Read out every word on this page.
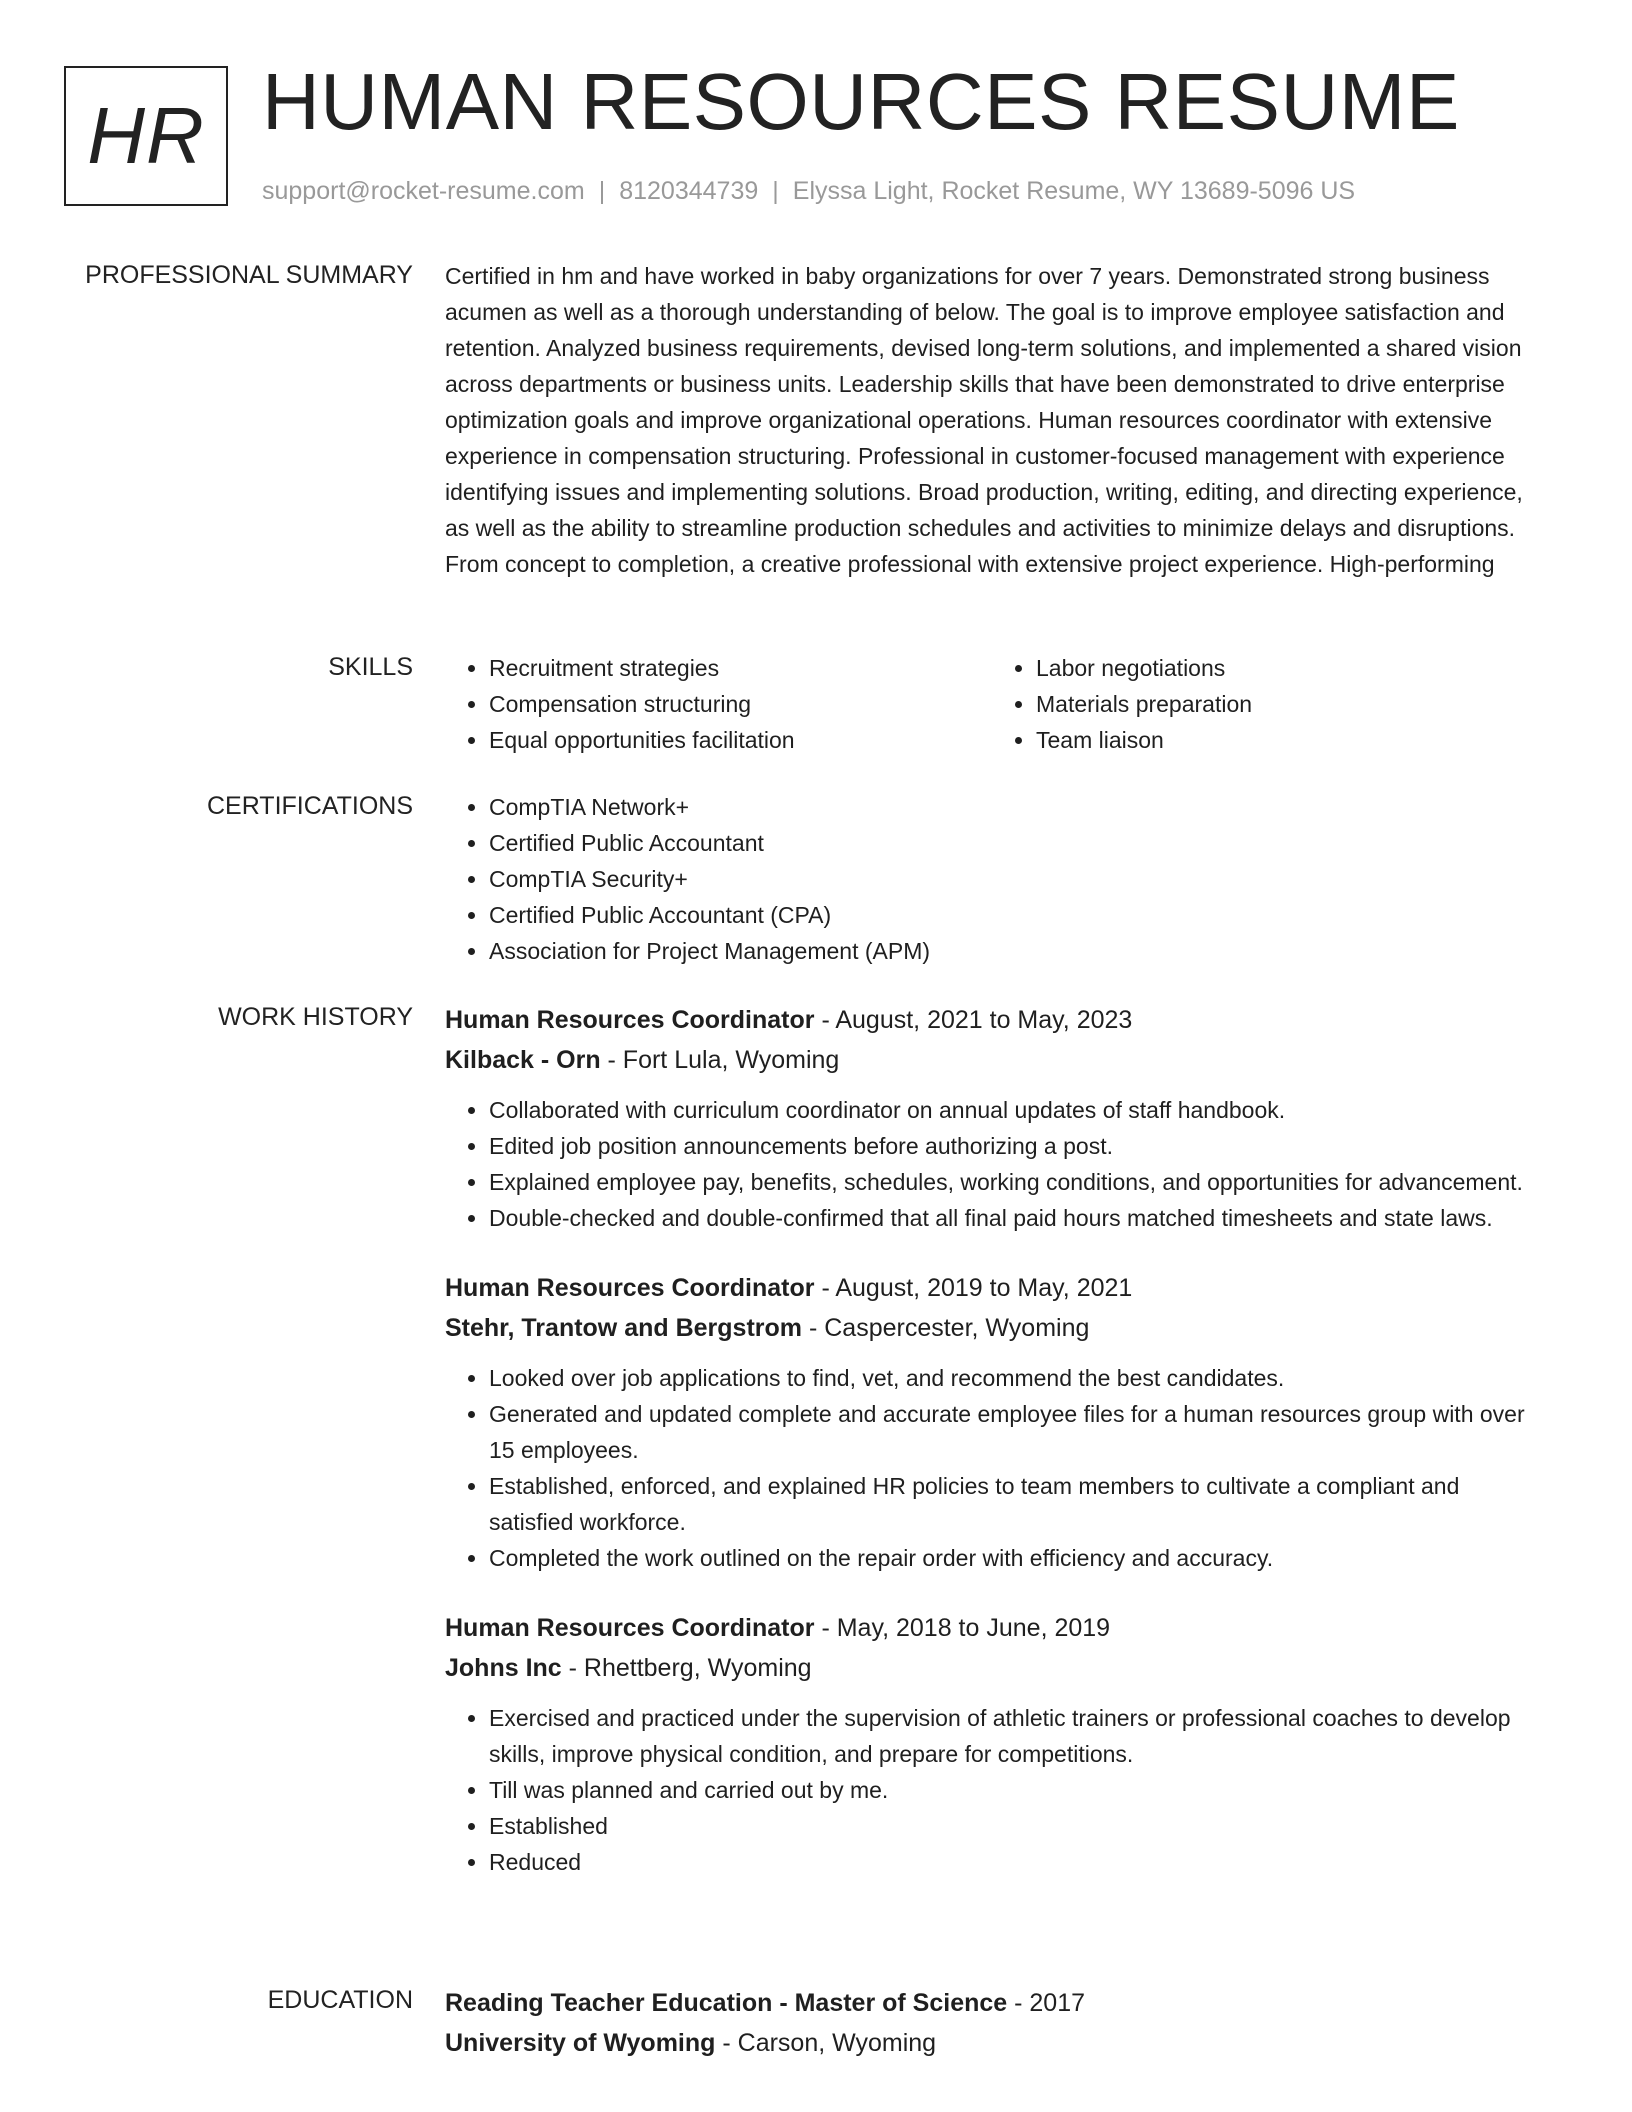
HR HUMAN RESOURCES RESUME
support@rocket-resume.com | 8120344739 | Elyssa Light, Rocket Resume, WY 13689-5096 US
PROFESSIONAL SUMMARY Certified in hm and have worked in baby organizations for over 7 years. Demonstrated strong business acumen as well as a thorough understanding of below. The goal is to improve employee satisfaction and retention. Analyzed business requirements, devised long-term solutions, and implemented a shared vision across departments or business units. Leadership skills that have been demonstrated to drive enterprise optimization goals and improve organizational operations. Human resources coordinator with extensive experience in compensation structuring. Professional in customer-focused management with experience identifying issues and implementing solutions. Broad production, writing, editing, and directing experience, as well as the ability to streamline production schedules and activities to minimize delays and disruptions. From concept to completion, a creative professional with extensive project experience. High-performing

SKILLS	• Recruitment strategies
• Compensation structuring
• Equal opportunities facilitation
• Labor negotiations
• Materials preparation
• Team liaison
CERTIFICATIONS	• CompTIA Network+
• Certified Public Accountant
• CompTIA Security+
• Certified Public Accountant (CPA)
• Association for Project Management (APM)
WORK HISTORY Human Resources Coordinator - August, 2021 to May, 2023
Kilback - Orn - Fort Lula, Wyoming
• Collaborated with curriculum coordinator on annual updates of staff handbook.
• Edited job position announcements before authorizing a post.
• Explained employee pay, benefits, schedules, working conditions, and opportunities for advancement.
• Double-checked and double-confirmed that all final paid hours matched timesheets and state laws.
Human Resources Coordinator - August, 2019 to May, 2021
Stehr, Trantow and Bergstrom - Caspercester, Wyoming
• Looked over job applications to find, vet, and recommend the best candidates.
• Generated and updated complete and accurate employee files for a human resources group with over 15 employees.
• Established, enforced, and explained HR policies to team members to cultivate a compliant and satisfied workforce.
• Completed the work outlined on the repair order with efficiency and accuracy.
Human Resources Coordinator - May, 2018 to June, 2019
Johns Inc - Rhettberg, Wyoming
• Exercised and practiced under the supervision of athletic trainers or professional coaches to develop skills, improve physical condition, and prepare for competitions.
• Till was planned and carried out by me.
• Established
• Reduced
EDUCATION Reading Teacher Education - Master of Science - 2017
University of Wyoming - Carson, Wyoming
